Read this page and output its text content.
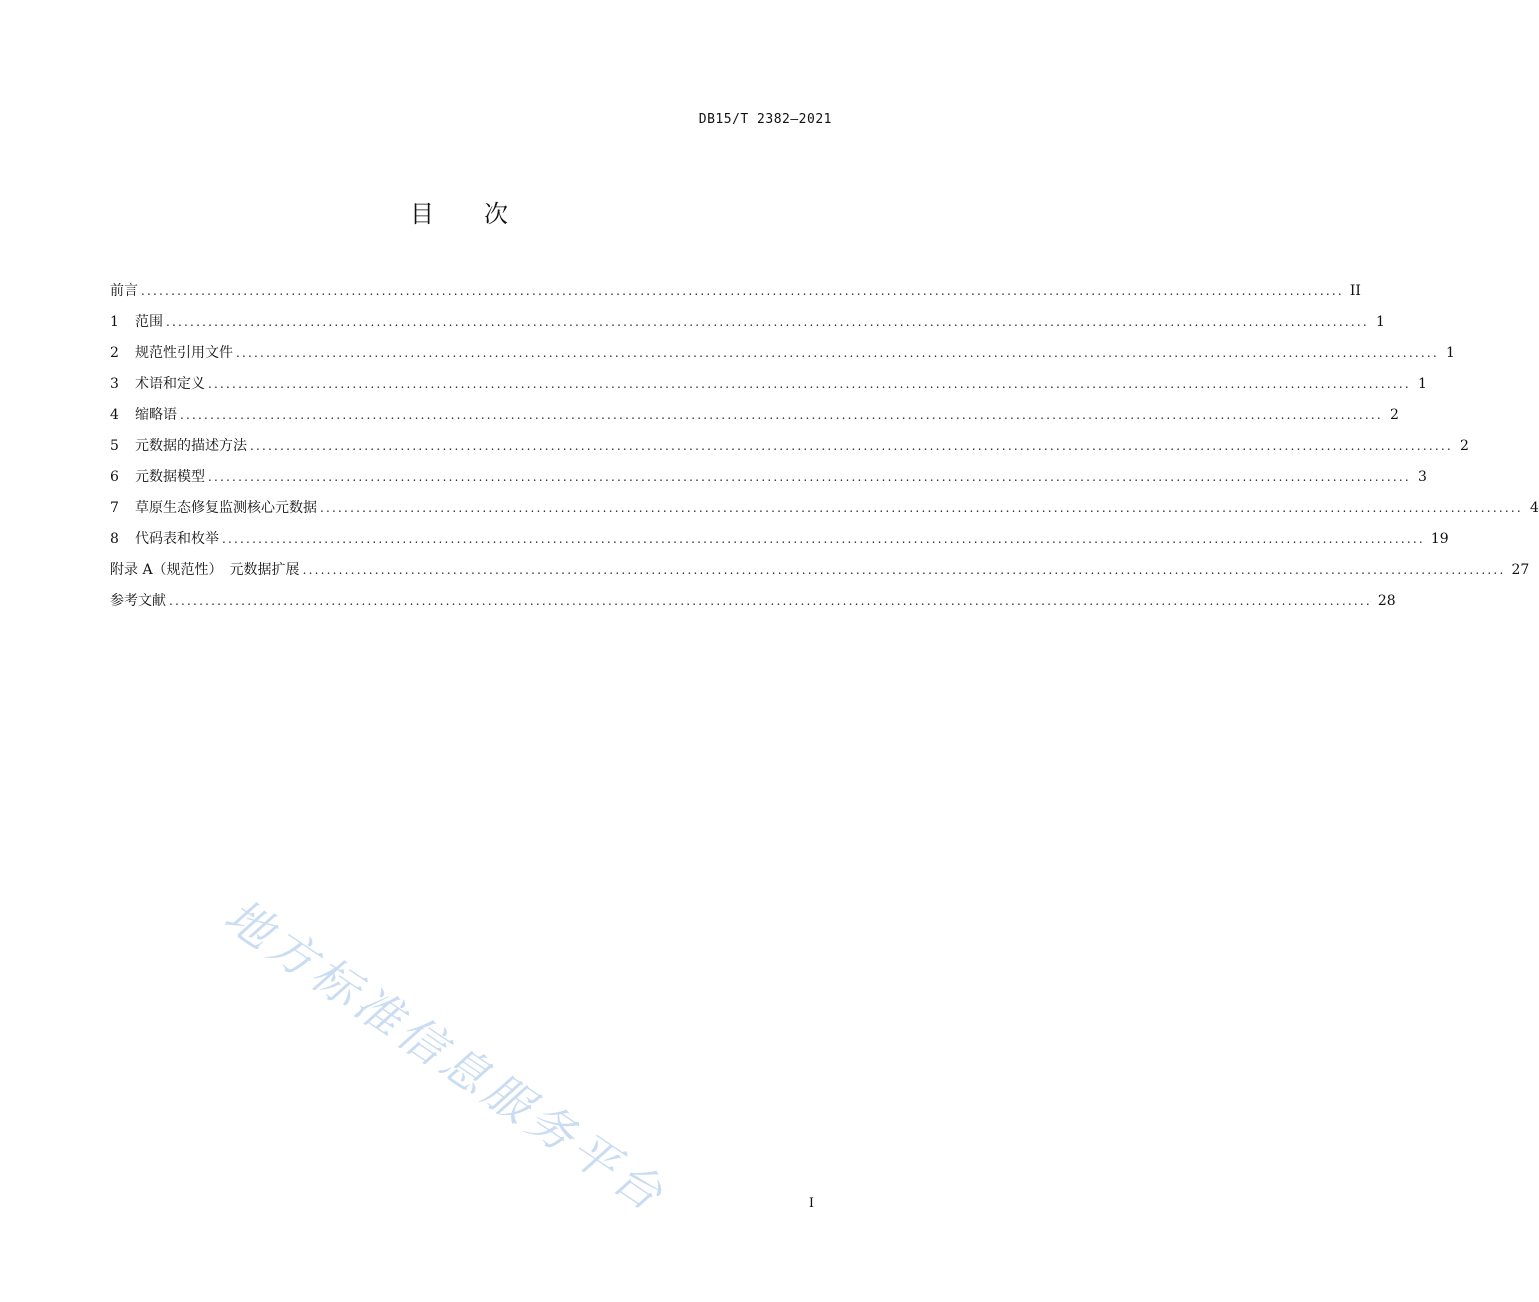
DB15/T 2382—2021
目 次
前言 ........................................................................................................................................................................................................ II
1	范围 ........................................................................................................................................................................................................ 1
2	规范性引用文件 ........................................................................................................................................................................................................ 1
3	术语和定义 ........................................................................................................................................................................................................ 1
4	缩略语 ........................................................................................................................................................................................................ 2
5	元数据的描述方法 ........................................................................................................................................................................................................ 2
6	元数据模型 ........................................................................................................................................................................................................ 3
7	草原生态修复监测核心元数据 ........................................................................................................................................................................................................ 4
8	代码表和枚举 ........................................................................................................................................................................................................ 19
附录 A（规范性）　元数据扩展 ........................................................................................................................................................................................................ 27
参考文献 ........................................................................................................................................................................................................ 28
地方标准信息服务平台	I
